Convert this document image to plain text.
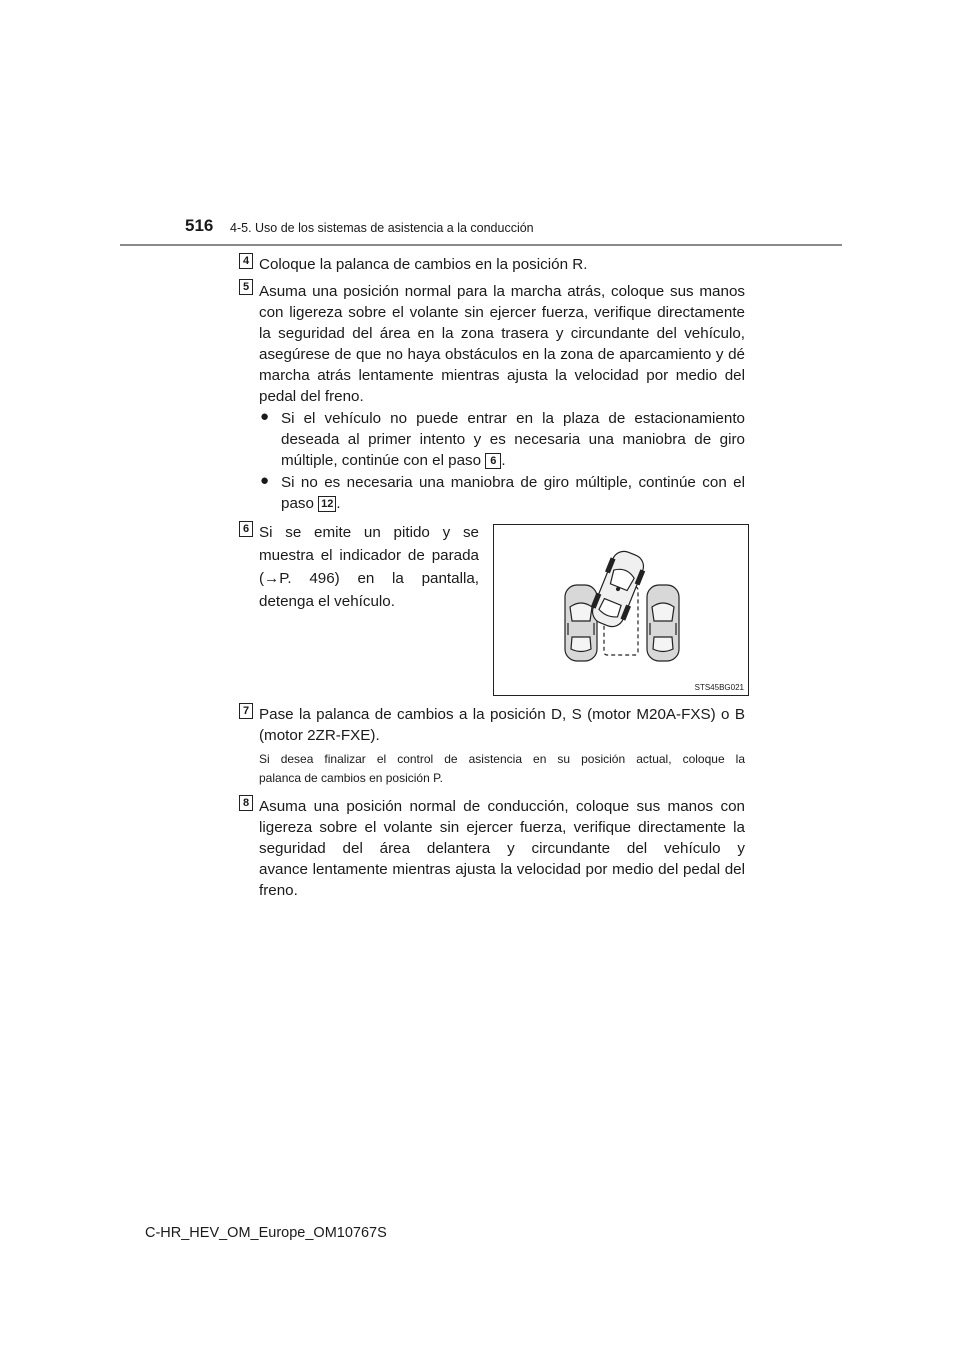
516 4-5. Uso de los sistemas de asistencia a la conducción
4 Coloque la palanca de cambios en la posición R.
5 Asuma una posición normal para la marcha atrás, coloque sus manos
con ligereza sobre el volante sin ejercer fuerza, verifique directamente
la seguridad del área en la zona trasera y circundante del vehículo,
asegúrese de que no haya obstáculos en la zona de aparcamiento y dé
marcha atrás lentamente mientras ajusta la velocidad por medio del
pedal del freno.
● Si el vehículo no puede entrar en la plaza de estacionamiento
deseada al primer intento y es necesaria una maniobra de giro
múltiple, continúe con el paso 6 .
● Si no es necesaria una maniobra de giro múltiple, continúe con el
paso 12 .
6 Si se emite un pitido y se
muestra el indicador de parada
(→P. 496) en la pantalla,
detenga el vehículo.
STS45BG021
7 Pase la palanca de cambios a la posición D, S (motor M20A-FXS) o B
(motor 2ZR-FXE).
Si desea finalizar el control de asistencia en su posición actual, coloque la
palanca de cambios en posición P.
8 Asuma una posición normal de conducción, coloque sus manos con
ligereza sobre el volante sin ejercer fuerza, verifique directamente la
seguridad del área delantera y circundante del vehículo y
avance lentamente mientras ajusta la velocidad por medio del pedal del
freno.
C-HR_HEV_OM_Europe_OM10767S
